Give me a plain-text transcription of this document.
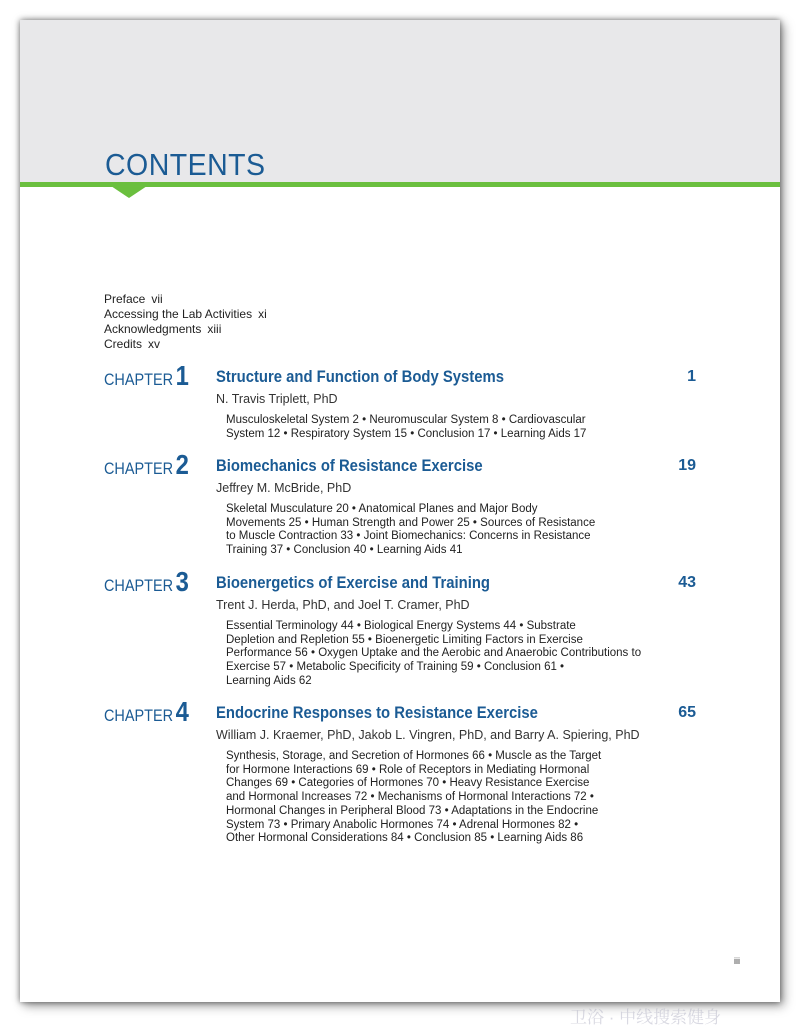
CONTENTS
Preface vii
Accessing the Lab Activities xi
Acknowledgments xiii
Credits xv
CHAPTER1 Structure and Function of Body Systems	1
N. Travis Triplett, PhD
Musculoskeletal System 2 • Neuromuscular System 8 • Cardiovascular
System 12 • Respiratory System 15 • Conclusion 17 • Learning Aids 17
CHAPTER2 Biomechanics of Resistance Exercise	19
Jeffrey M. McBride, PhD
Skeletal Musculature 20 • Anatomical Planes and Major Body
Movements 25 • Human Strength and Power 25 • Sources of Resistance
to Muscle Contraction 33 • Joint Biomechanics: Concerns in Resistance
Training 37 • Conclusion 40 • Learning Aids 41
CHAPTER3 Bioenergetics of Exercise and Training	43
Trent J. Herda, PhD, and Joel T. Cramer, PhD
Essential Terminology 44 • Biological Energy Systems 44 • Substrate
Depletion and Repletion 55 • Bioenergetic Limiting Factors in Exercise
Performance 56 • Oxygen Uptake and the Aerobic and Anaerobic Contributions to
Exercise 57 • Metabolic Specificity of Training 59 • Conclusion 61 •
Learning Aids 62
CHAPTER4 Endocrine Responses to Resistance Exercise	65
William J. Kraemer, PhD, Jakob L. Vingren, PhD, and Barry A. Spiering, PhD
Synthesis, Storage, and Secretion of Hormones 66 • Muscle as the Target
for Hormone Interactions 69 • Role of Receptors in Mediating Hormonal
Changes 69 • Categories of Hormones 70 • Heavy Resistance Exercise
and Hormonal Increases 72 • Mechanisms of Hormonal Interactions 72 •
Hormonal Changes in Peripheral Blood 73 • Adaptations in the Endocrine
System 73 • Primary Anabolic Hormones 74 • Adrenal Hormones 82 •
Other Hormonal Considerations 84 • Conclusion 85 • Learning Aids 86
iii
卫浴 · 中线搜索健身
